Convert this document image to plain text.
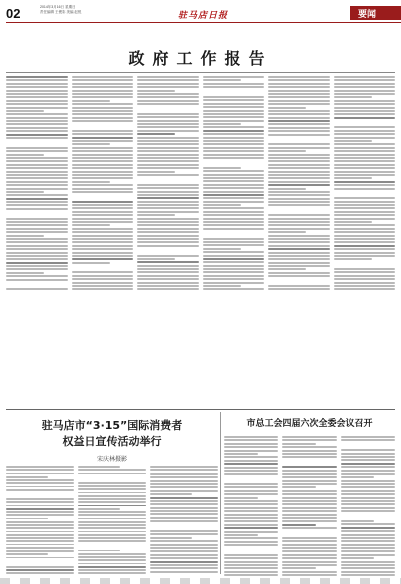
02	2014年3月16日 星期日
责任编辑 王俊彩 美编 赵悦	驻马店日报	要闻
政府工作报告
驻马店市“3·15”国际消费者
权益日宣传活动举行
宋庆林摄影
市总工会四届六次全委会议召开
